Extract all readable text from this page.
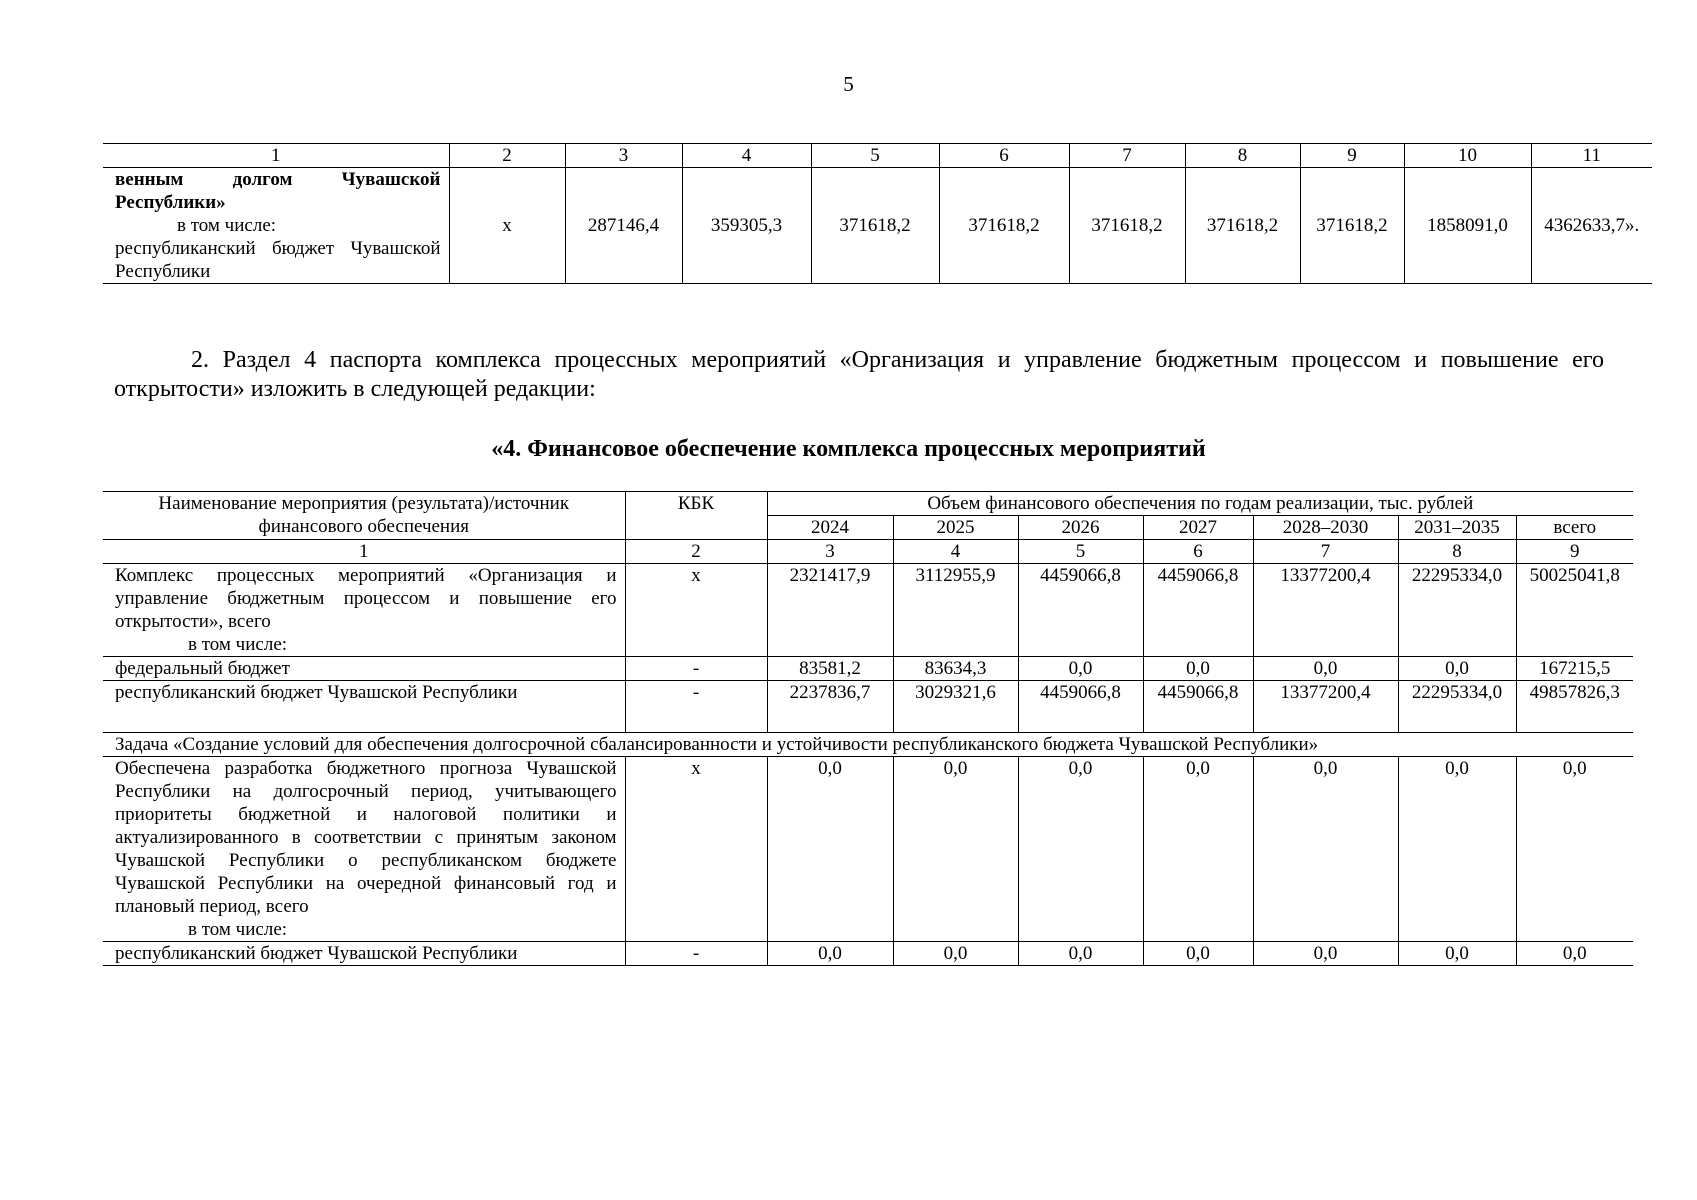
5
1	2	3	4	5	6	7	8	9	10	11
венным долгом Чувашской Республики»										

в том числе:
республиканский бюджет Чувашской Республики	х	287146,4	359305,3	371618,2	371618,2	371618,2	371618,2	371618,2	1858091,0	4362633,7».
2. Раздел 4 паспорта комплекса процессных мероприятий «Организация и управление бюджетным процессом и повышение его открытости» изложить в следующей редакции:
«4. Финансовое обеспечение комплекса процессных мероприятий
Наименование мероприятия (результата)/источник финансового обеспечения	КБК	Объем финансового обеспечения по годам реализации, тыс. рублей						
		2024	2025	2026	2027	2028–2030	2031–2035	всего
1	2	3	4	5	6	7	8	9

Комплекс процессных мероприятий «Организация и управление бюджетным процессом и повышение его открытости», всего
в том числе:	х	2321417,9	3112955,9	4459066,8	4459066,8	13377200,4	22295334,0	50025041,8
федеральный бюджет	-	83581,2	83634,3	0,0	0,0	0,0	0,0	167215,5
республиканский бюджет Чувашской Республики	-	2237836,7	3029321,6	4459066,8	4459066,8	13377200,4	22295334,0	49857826,3
Задача «Создание условий для обеспечения долгосрочной сбалансированности и устойчивости республиканского бюджета Чувашской Республики»								

Обеспечена разработка бюджетного прогноза Чувашской Республики на долгосрочный период, учитывающего приоритеты бюджетной и налоговой политики и актуализированного в соответствии с принятым законом Чувашской Республики о республиканском бюджете Чувашской Республики на очередной финансовый год и плановый период, всего
в том числе:	х	0,0	0,0	0,0	0,0	0,0	0,0	0,0
республиканский бюджет Чувашской Республики	-	0,0	0,0	0,0	0,0	0,0	0,0	0,0
